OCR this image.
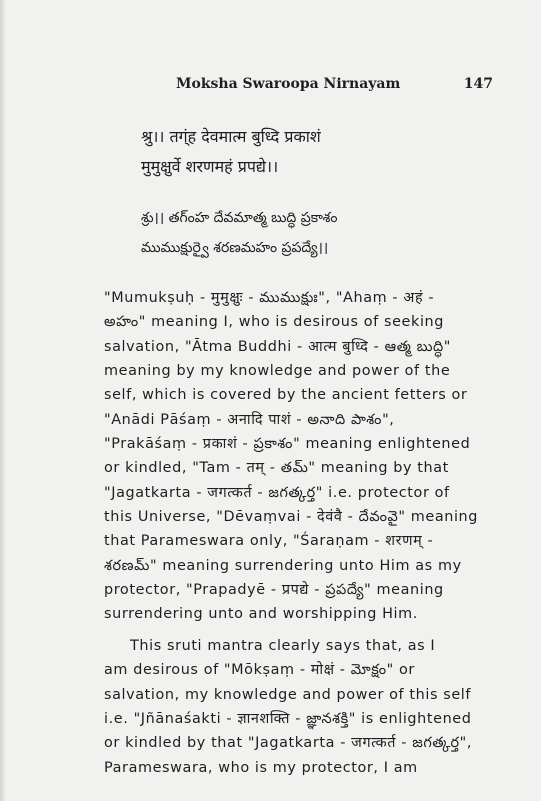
Moksha Swaroopa Nirnayam	147
श्रु।। तग्ंह देवमात्म बुध्दि प्रकाशं
मुमुक्षुर्वे शरणमहं प्रपद्ये।।
శ్రు।। తగ్ంహ దేవమాత్మ బుద్ధి ప్రకాశం
ముముక్షుర్వై శరణమహం ప్రపద్యే।।
"Mumukṣuḥ - मुमुक्षुः - ముముక్షుః", "Ahaṃ - अहं -
అహం" meaning I, who is desirous of seeking
salvation, "Ātma Buddhi - आत्म बुध्दि - ఆత్మ బుద్ధి"
meaning by my knowledge and power of the
self, which is covered by the ancient fetters or
"Anādi Pāśaṃ - अनादि पाशं - అనాది పాశం",
"Prakāśaṃ - प्रकाशं - ప్రకాశం" meaning enlightened
or kindled, "Tam - तम् - తమ్" meaning by that
"Jagatkarta - जगत्कर्त - జగత్కర్త" i.e. protector of
this Universe, "Dēvaṃvai - देवंवै - దేవంవై" meaning
that Parameswara only, "Śaraṇam - शरणम् -
శరణమ్" meaning surrendering unto Him as my
protector, "Prapadyē - प्रपद्ये - ప్రపద్యే" meaning
surrendering unto and worshipping Him.
This sruti mantra clearly says that, as I
am desirous of "Mōkṣaṃ - मोक्षं - మోక్షం" or
salvation, my knowledge and power of this self
i.e. "Jñānaśakti - ज्ञानशक्ति - జ్ఞానశక్తి" is enlightened
or kindled by that "Jagatkarta - जगत्कर्त - జగత్కర్త",
Parameswara, who is my protector, I am
